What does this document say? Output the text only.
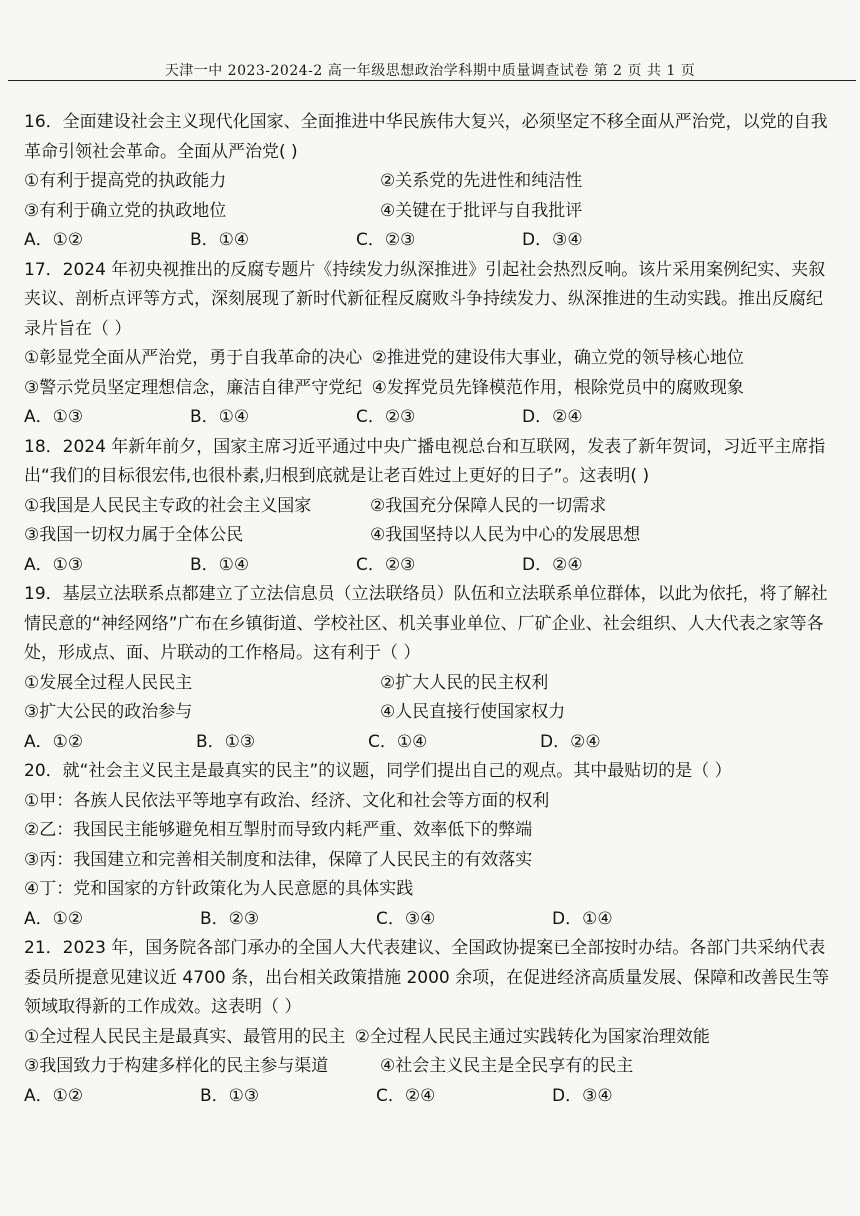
天津一中 2023-2024-2 高一年级思想政治学科期中质量调查试卷 第 2 页 共 1 页

16．全面建设社会主义现代化国家、全面推进中华民族伟大复兴，必须坚定不移全面从严治党，以党的自我革命引领社会革命。全面从严治党( )

①有利于提高党的执政能力	②关系党的先进性和纯洁性
③有利于确立党的执政地位	④关键在于批评与自我批评
A．①②	B．①④	C．②③	D．③④

17．2024 年初央视推出的反腐专题片《持续发力纵深推进》引起社会热烈反响。该片采用案例纪实、夹叙夹议、剖析点评等方式，深刻展现了新时代新征程反腐败斗争持续发力、纵深推进的生动实践。推出反腐纪录片旨在（ ）

①彰显党全面从严治党，勇于自我革命的决心 ②推进党的建设伟大事业，确立党的领导核心地位
③警示党员坚定理想信念，廉洁自律严守党纪 ④发挥党员先锋模范作用，根除党员中的腐败现象
A．①③	B．①④	C．②③	D．②④

18．2024 年新年前夕，国家主席习近平通过中央广播电视总台和互联网，发表了新年贺词，习近平主席指出“我们的目标很宏伟,也很朴素,归根到底就是让老百姓过上更好的日子”。这表明( )

①我国是人民民主专政的社会主义国家	②我国充分保障人民的一切需求
③我国一切权力属于全体公民	④我国坚持以人民为中心的发展思想
A．①③	B．①④	C．②③	D．②④

19．基层立法联系点都建立了立法信息员（立法联络员）队伍和立法联系单位群体，以此为依托，将了解社情民意的“神经网络”广布在乡镇街道、学校社区、机关事业单位、厂矿企业、社会组织、人大代表之家等各处，形成点、面、片联动的工作格局。这有利于（ ）

①发展全过程人民民主	②扩大人民的民主权利
③扩大公民的政治参与	④人民直接行使国家权力
A．①②	B．①③	C．①④	D．②④

20．就“社会主义民主是最真实的民主”的议题，同学们提出自己的观点。其中最贴切的是（ ）

①甲：各族人民依法平等地享有政治、经济、文化和社会等方面的权利
②乙：我国民主能够避免相互掣肘而导致内耗严重、效率低下的弊端
③丙：我国建立和完善相关制度和法律，保障了人民民主的有效落实
④丁：党和国家的方针政策化为人民意愿的具体实践
A．①②	B．②③	C．③④	D．①④

21．2023 年，国务院各部门承办的全国人大代表建议、全国政协提案已全部按时办结。各部门共采纳代表委员所提意见建议近 4700 条，出台相关政策措施 2000 余项，在促进经济高质量发展、保障和改善民生等领域取得新的工作成效。这表明（ ）

①全过程人民民主是最真实、最管用的民主 ②全过程人民民主通过实践转化为国家治理效能
③我国致力于构建多样化的民主参与渠道	④社会主义民主是全民享有的民主
A．①②	B．①③	C．②④	D．③④
